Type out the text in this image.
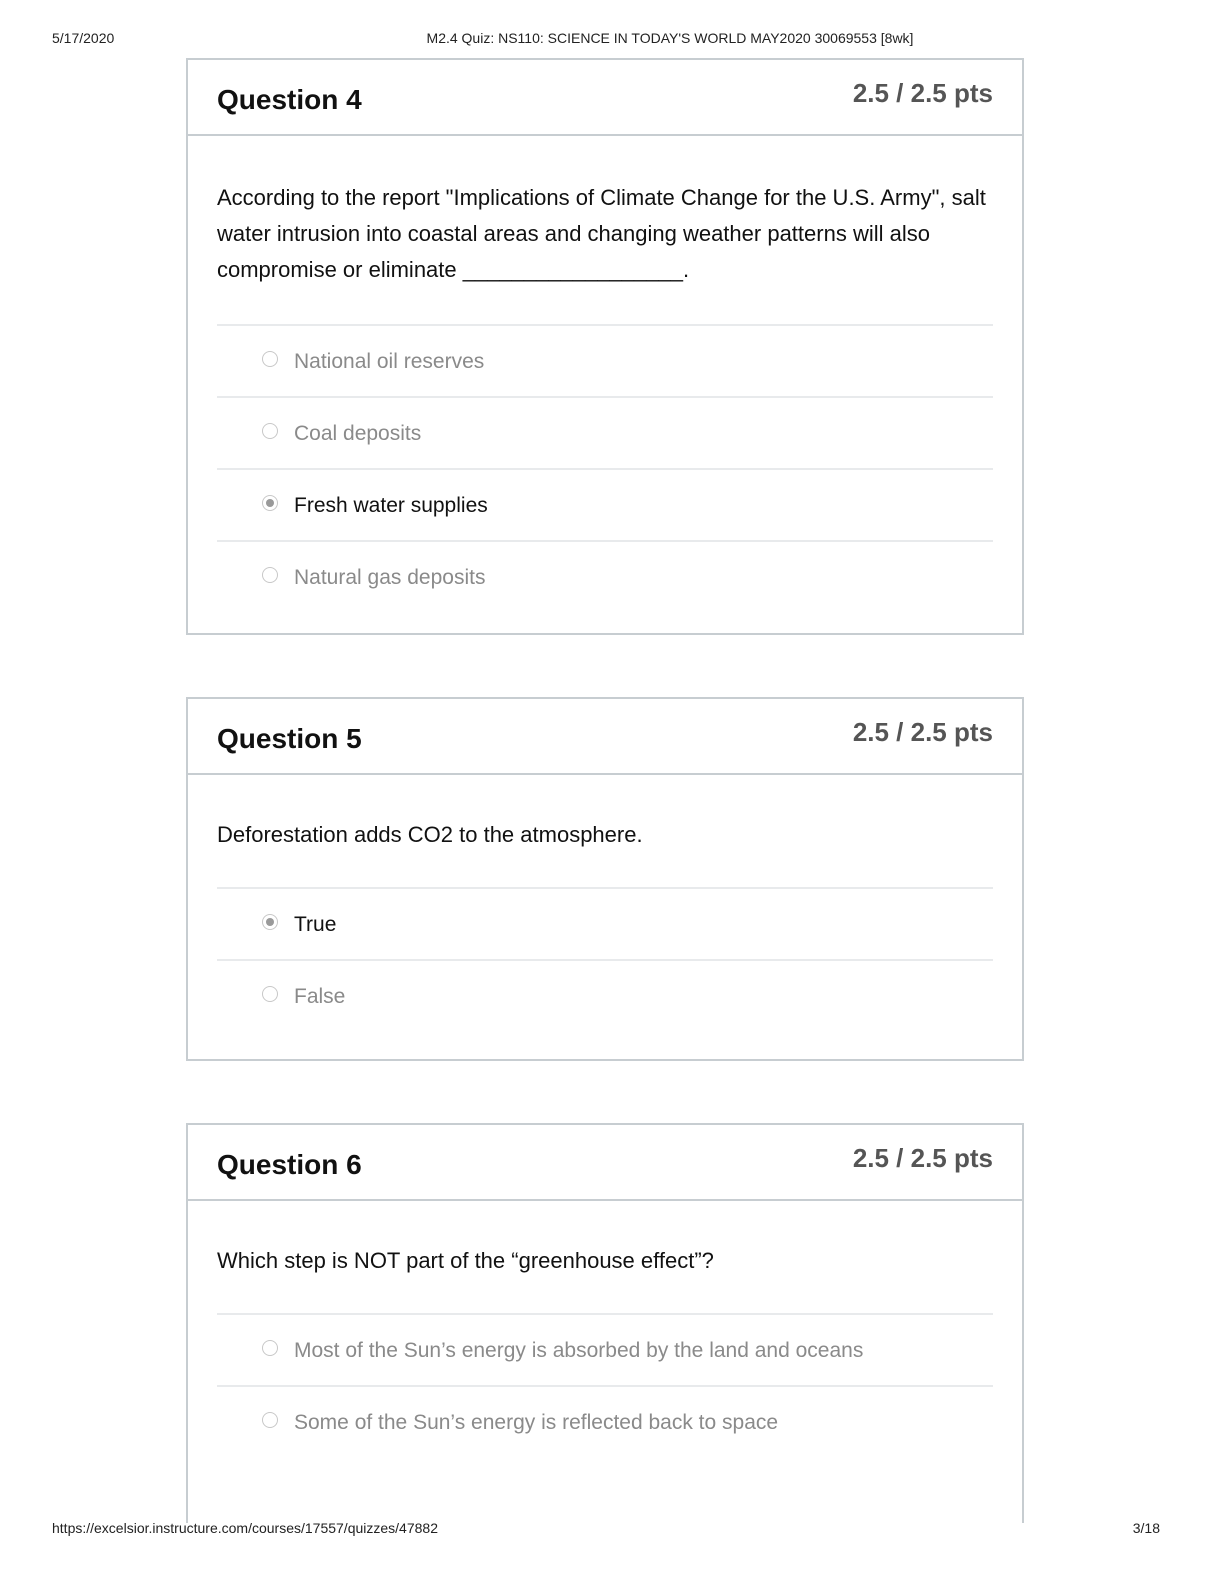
5/17/2020	M2.4 Quiz: NS110: SCIENCE IN TODAY'S WORLD MAY2020 30069553 [8wk]
Question 4	2.5 / 2.5 pts
According to the report "Implications of Climate Change for the U.S. Army", salt water intrusion into coastal areas and changing weather patterns will also compromise or eliminate __________________.
National oil reserves
Coal deposits
Fresh water supplies
Natural gas deposits
Question 5	2.5 / 2.5 pts
Deforestation adds CO2 to the atmosphere.
True
False
Question 6	2.5 / 2.5 pts
Which step is NOT part of the “greenhouse effect”?
Most of the Sun’s energy is absorbed by the land and oceans
Some of the Sun’s energy is reflected back to space
https://excelsior.instructure.com/courses/17557/quizzes/47882	3/18
